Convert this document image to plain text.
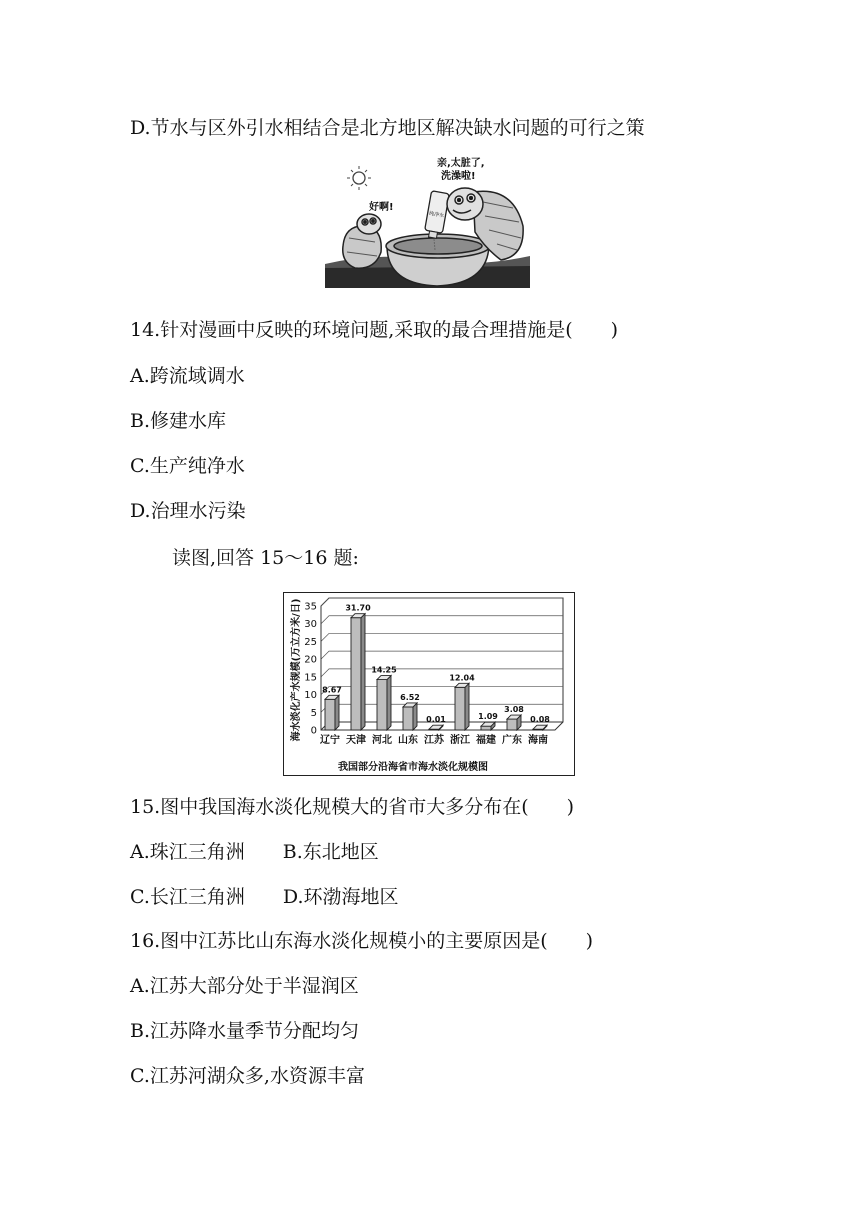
D.节水与区外引水相结合是北方地区解决缺水问题的可行之策
纯净水
亲,太脏了,
洗澡啦!
好啊!
14.针对漫画中反映的环境问题,采取的最合理措施是(　　)
A.跨流域调水
B.修建水库
C.生产纯净水
D.治理水污染
读图,回答 15～16 题:
海水淡化产水规模(万立方米/日) 0
5
10
15
20
25
30
35
辽宁 天津 河北 山东 江苏 浙江 福建 广东 海南
8.67
31.70
14.25
6.52
0.01
12.04
1.09
3.08
0.08
我国部分沿海省市海水淡化规模图
15.图中我国海水淡化规模大的省市大多分布在(　　)
A.珠江三角洲　　B.东北地区
C.长江三角洲　　D.环渤海地区
16.图中江苏比山东海水淡化规模小的主要原因是(　　)
A.江苏大部分处于半湿润区
B.江苏降水量季节分配均匀
C.江苏河湖众多,水资源丰富
